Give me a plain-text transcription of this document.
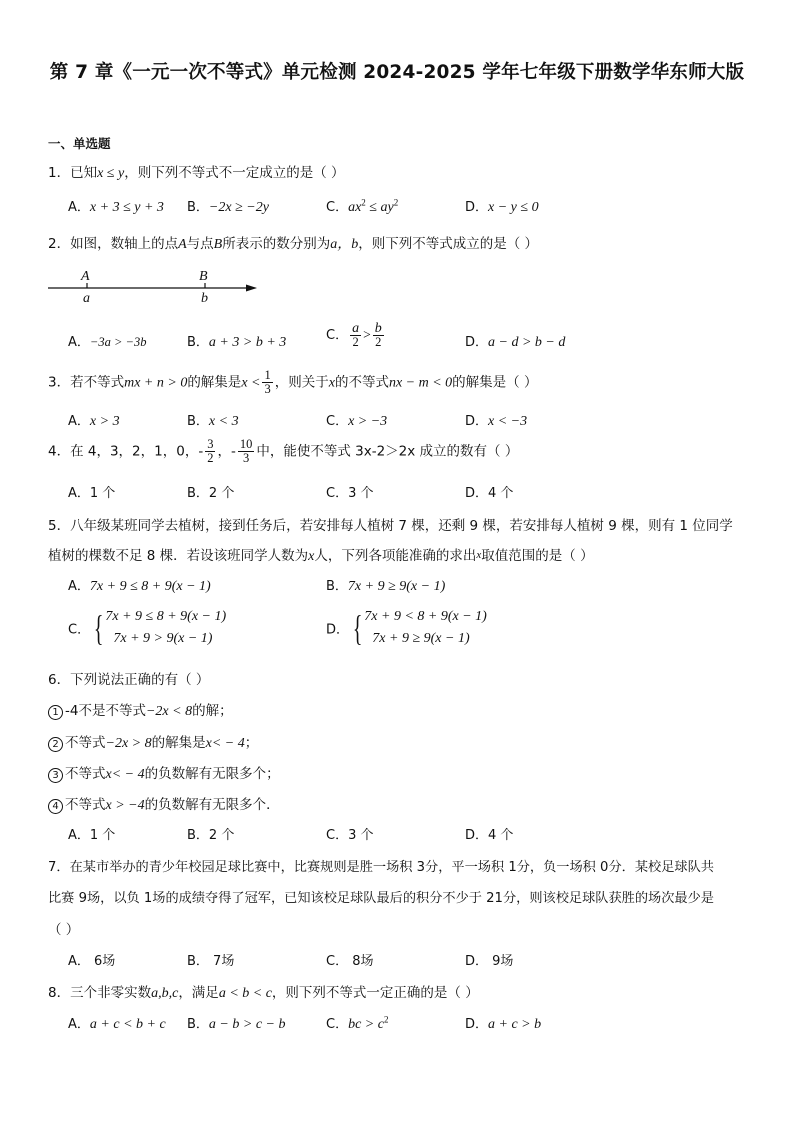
第 7 章《一元一次不等式》单元检测 2024-2025 学年七年级下册数学华东师大版
一、单选题
1．已知x ≤ y，则下列不等式不一定成立的是（ ）
A．x + 3 ≤ y + 3 B．−2x ≥ −2y	C．$ax^2 \le ay^2$	D．x − y ≤ 0
2．如图，数轴上的点A与点B所表示的数分别为a，b，则下列不等式成立的是（ ）
A
a
B
b
A．−3a > −3b	B．a + 3 > b + 3	C． $\frac{a}{2} > \frac{b}{2}$	D．a − d > b − d
3．若不等式mx + n > 0的解集是$x < \frac{1}{3}$ ，则关于x的不等式nx − m < 0的解集是（ ）
A．x > 3	B．x < 3	C．x > −3	D．x < −3
4．在 4，3，2，1，0，- $\frac{3}{2}$ ，- $\frac{10}{3}$ 中，能使不等式 3x-2＞2x 成立的数有（ ）
A．1 个	B．2 个	C．3 个	D．4 个
5．八年级某班同学去植树，接到任务后，若安排每人植树 7 棵，还剩 9 棵，若安排每人植树 9 棵，则有 1 位同学
植树的棵数不足 8 棵．若设该班同学人数为x人，下列各项能准确的求出x取值范围的是（ ）
A．7x + 9 ≤ 8 + 9(x − 1)	B．7x + 9 ≥ 9(x − 1)
C． { 7x + 9 ≤ 8 + 9(x − 1)
7x + 9 > 9(x − 1)
D． { 7x + 9 < 8 + 9(x − 1)
7x + 9 ≥ 9(x − 1)
6．下列说法正确的有（ ）
1 -4不是不等式−2x < 8的解；
2 不等式−2x > 8的解集是x< − 4；
3 不等式x< − 4的负数解有无限多个；
4 不等式x > −4的负数解有无限多个．
A．1 个	B．2 个	C．3 个	D．4 个
7．在某市举办的青少年校园足球比赛中，比赛规则是胜一场积 3分，平一场积 1分，负一场积 0分．某校足球队共
比赛 9场，以负 1场的成绩夺得了冠军，已知该校足球队最后的积分不少于 21分，则该校足球队获胜的场次最少是
（ ）
A． 6场	B． 7场	C． 8场	D． 9场
8．三个非零实数a,b,c，满足a < b < c，则下列不等式一定正确的是（ ）
A．a + c < b + c B．a − b > c − b	C．bc > $c^2$	D．a + c > b
